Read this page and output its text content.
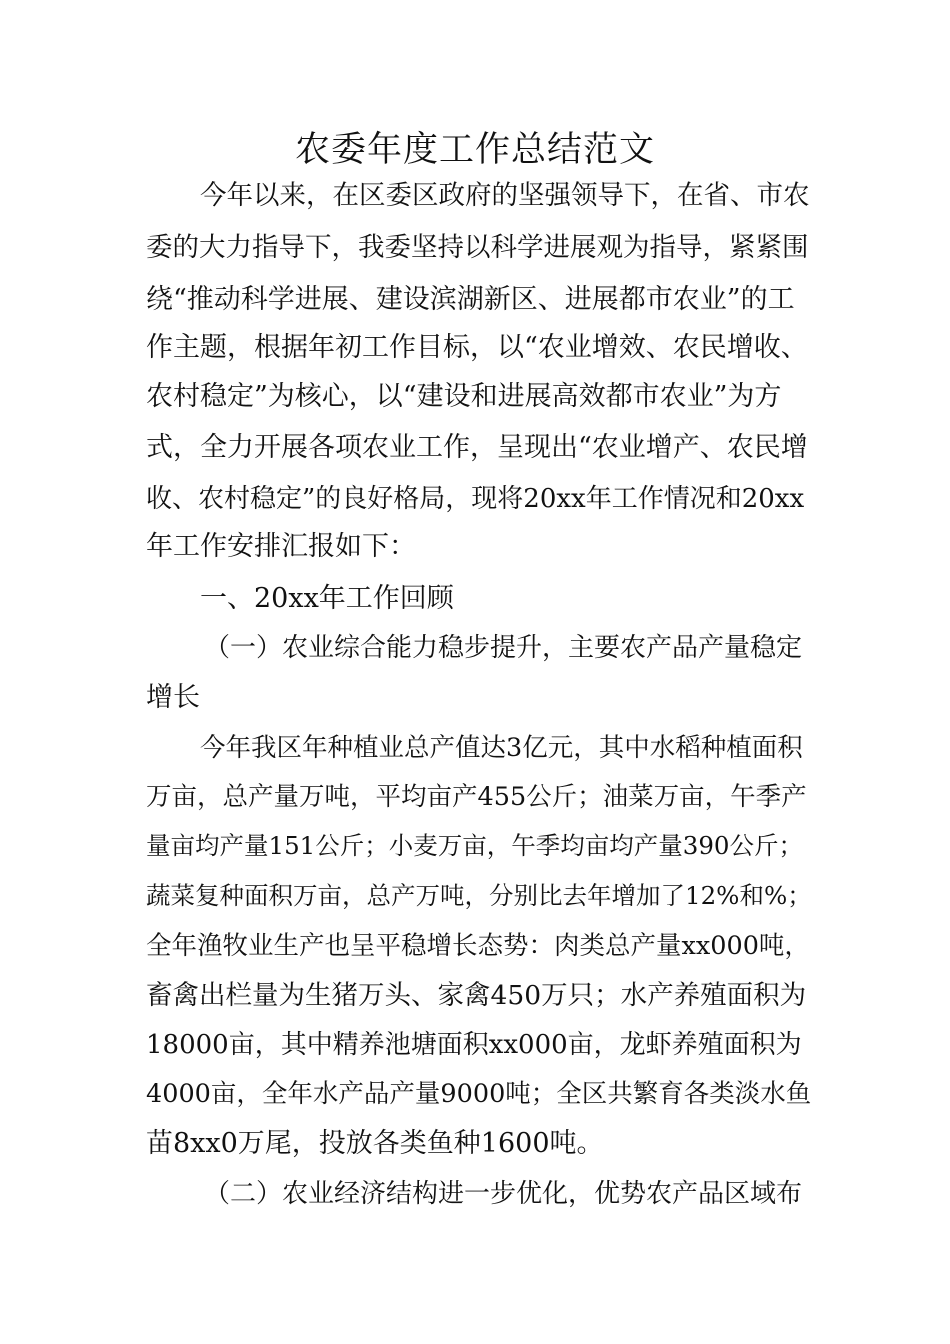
农委年度工作总结范文

今年以来，在区委区政府的坚强领导下，在省、市农

委的大力指导下，我委坚持以科学进展观为指导，紧紧围

绕“推动科学进展、建设滨湖新区、进展都市农业”的工

作主题，根据年初工作目标，以“农业增效、农民增收、

农村稳定”为核心，以“建设和进展高效都市农业”为方

式，全力开展各项农业工作，呈现出“农业增产、农民增

收、农村稳定”的良好格局，现将20xx年工作情况和20xx

年工作安排汇报如下：

一、20xx年工作回顾

（一）农业综合能力稳步提升，主要农产品产量稳定

增长

今年我区年种植业总产值达3亿元，其中水稻种植面积

万亩，总产量万吨，平均亩产455公斤；油菜万亩，午季产

量亩均产量151公斤；小麦万亩，午季均亩均产量390公斤；

蔬菜复种面积万亩，总产万吨，分别比去年增加了12%和%；

全年渔牧业生产也呈平稳增长态势：肉类总产量xx000吨，

畜禽出栏量为生猪万头、家禽450万只；水产养殖面积为

18000亩，其中精养池塘面积xx000亩，龙虾养殖面积为

4000亩，全年水产品产量9000吨；全区共繁育各类淡水鱼

苗8xx0万尾，投放各类鱼种1600吨。

（二）农业经济结构进一步优化，优势农产品区域布
